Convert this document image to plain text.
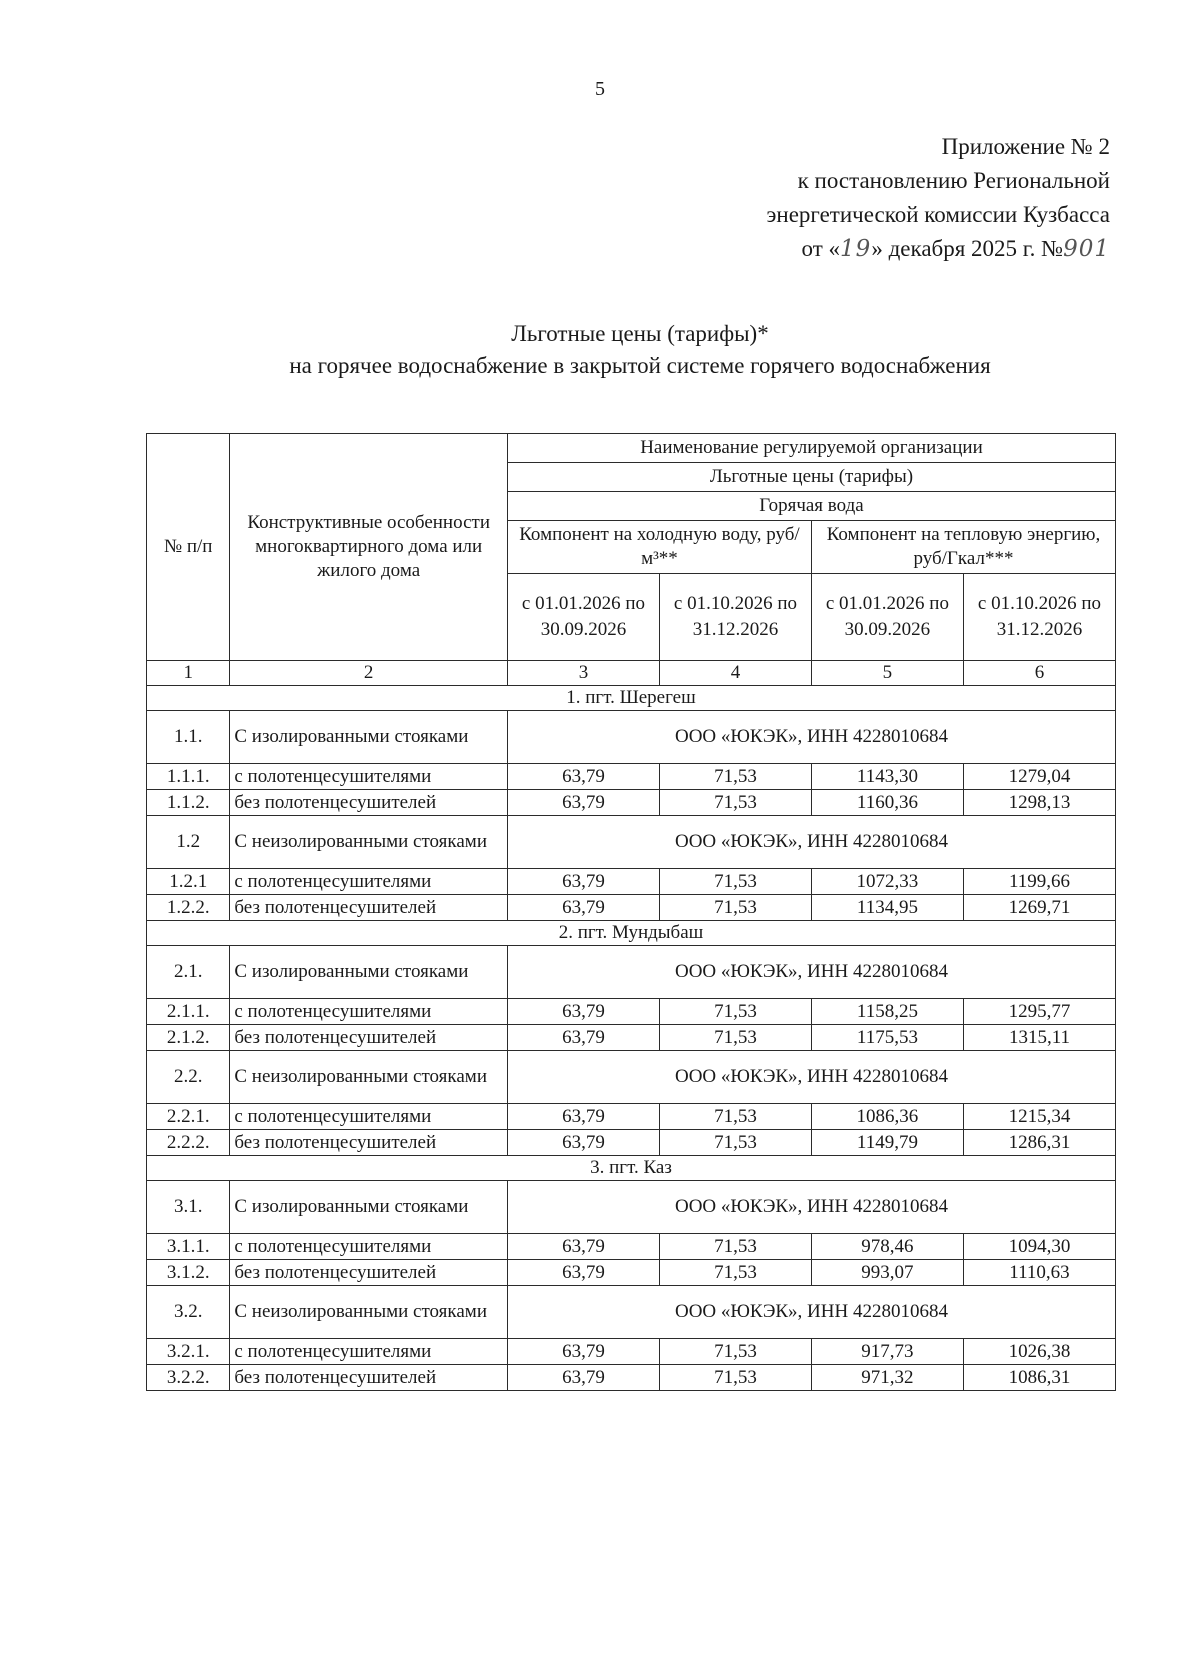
5
Приложение № 2
к постановлению Региональной
энергетической комиссии Кузбасса
от «19» декабря 2025 г. №901
Льготные цены (тарифы)*
на горячее водоснабжение в закрытой системе горячего водоснабжения
№ п/п	Конструктивные особенности многоквартирного дома или жилого дома	Наименование регулируемой организации			
		Льготные цены (тарифы)			
		Горячая вода			
		Компонент на холодную воду, руб/м³**		Компонент на тепловую энергию, руб/Гкал***	
		с 01.01.2026 по 30.09.2026	с 01.10.2026 по 31.12.2026	с 01.01.2026 по 30.09.2026	с 01.10.2026 по 31.12.2026
1	2	3	4	5	6
1. пгт. Шерегеш					
1.1.	С изолированными стояками	ООО «ЮКЭК», ИНН 4228010684			
1.1.1.	с полотенцесушителями	63,79	71,53	1143,30	1279,04
1.1.2.	без полотенцесушителей	63,79	71,53	1160,36	1298,13
1.2	С неизолированными стояками	ООО «ЮКЭК», ИНН 4228010684			
1.2.1	с полотенцесушителями	63,79	71,53	1072,33	1199,66
1.2.2.	без полотенцесушителей	63,79	71,53	1134,95	1269,71
2. пгт. Мундыбаш					
2.1.	С изолированными стояками	ООО «ЮКЭК», ИНН 4228010684			
2.1.1.	с полотенцесушителями	63,79	71,53	1158,25	1295,77
2.1.2.	без полотенцесушителей	63,79	71,53	1175,53	1315,11
2.2.	С неизолированными стояками	ООО «ЮКЭК», ИНН 4228010684			
2.2.1.	с полотенцесушителями	63,79	71,53	1086,36	1215,34
2.2.2.	без полотенцесушителей	63,79	71,53	1149,79	1286,31
3. пгт. Каз					
3.1.	С изолированными стояками	ООО «ЮКЭК», ИНН 4228010684			
3.1.1.	с полотенцесушителями	63,79	71,53	978,46	1094,30
3.1.2.	без полотенцесушителей	63,79	71,53	993,07	1110,63
3.2.	С неизолированными стояками	ООО «ЮКЭК», ИНН 4228010684			
3.2.1.	с полотенцесушителями	63,79	71,53	917,73	1026,38
3.2.2.	без полотенцесушителей	63,79	71,53	971,32	1086,31
